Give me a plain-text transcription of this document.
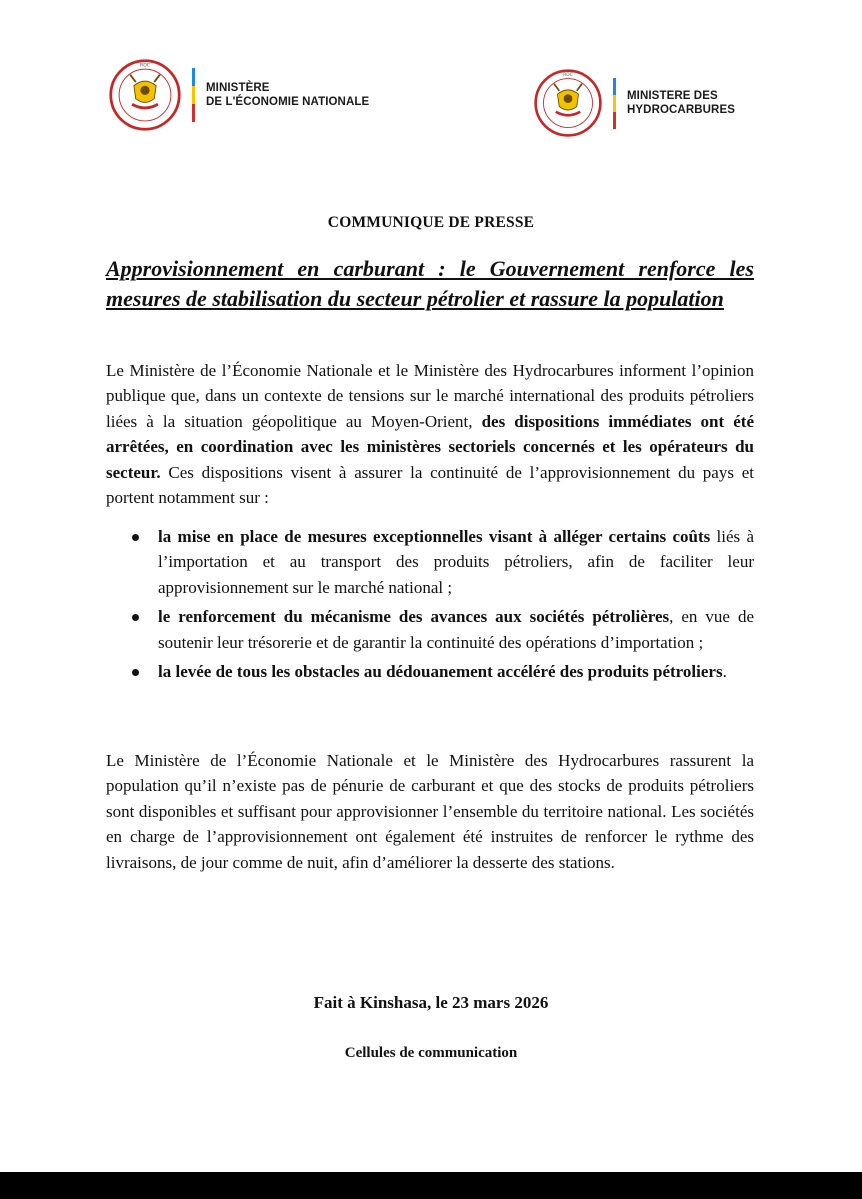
RDC
MINISTÈRE
DE L'ÉCONOMIE NATIONALE
RDC
MINISTERE DES
HYDROCARBURES
COMMUNIQUE DE PRESSE
Approvisionnement en carburant : le Gouvernement renforce les mesures de stabilisation du secteur pétrolier et rassure la population

Le Ministère de l’Économie Nationale et le Ministère des Hydrocarbures informent l’opinion publique que, dans un contexte de tensions sur le marché international des produits pétroliers liées à la situation géopolitique au Moyen-Orient, des dispositions immédiates ont été arrêtées, en coordination avec les ministères sectoriels concernés et les opérateurs du secteur. Ces dispositions visent à assurer la continuité de l’approvisionnement du pays et portent notamment sur :

la mise en place de mesures exceptionnelles visant à alléger certains coûts liés à l’importation et au transport des produits pétroliers, afin de faciliter leur approvisionnement sur le marché national ;
le renforcement du mécanisme des avances aux sociétés pétrolières, en vue de soutenir leur trésorerie et de garantir la continuité des opérations d’importation ;
la levée de tous les obstacles au dédouanement accéléré des produits pétroliers.

Le Ministère de l’Économie Nationale et le Ministère des Hydrocarbures rassurent la population qu’il n’existe pas de pénurie de carburant et que des stocks de produits pétroliers sont disponibles et suffisant pour approvisionner l’ensemble du territoire national. Les sociétés en charge de l’approvisionnement ont également été instruites de renforcer le rythme des livraisons, de jour comme de nuit, afin d’améliorer la desserte des stations.

Fait à Kinshasa, le 23 mars 2026
Cellules de communication
